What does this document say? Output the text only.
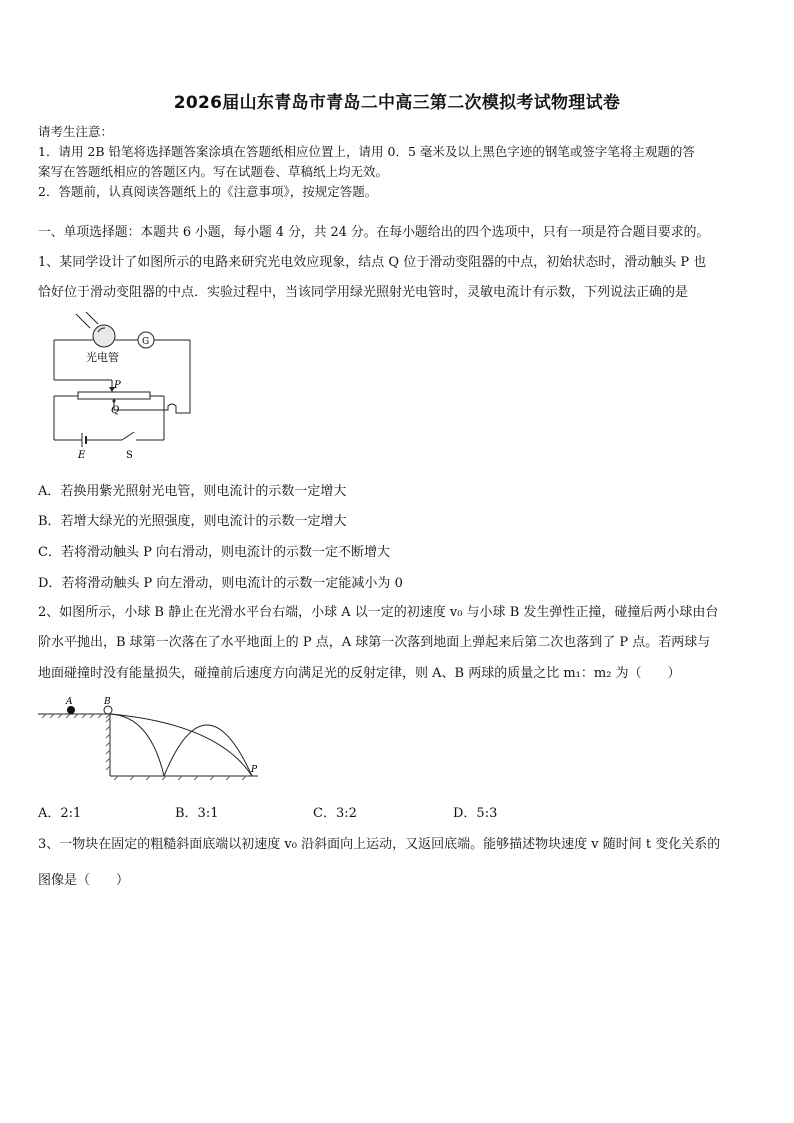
2026届山东青岛市青岛二中高三第二次模拟考试物理试卷
请考生注意：
1．请用 2B 铅笔将选择题答案涂填在答题纸相应位置上，请用 0．5 毫米及以上黑色字迹的钢笔或签字笔将主观题的答
案写在答题纸相应的答题区内。写在试题卷、草稿纸上均无效。
2．答题前，认真阅读答题纸上的《注意事项》，按规定答题。
一、单项选择题：本题共 6 小题，每小题 4 分，共 24 分。在每小题给出的四个选项中，只有一项是符合题目要求的。
1、某同学设计了如图所示的电路来研究光电效应现象，结点 Q 位于滑动变阻器的中点，初始状态时，滑动触头 P 也
恰好位于滑动变阻器的中点．实验过程中，当该同学用绿光照射光电管时，灵敏电流计有示数，下列说法正确的是
光电管
G
P
Q
E	S
A．若换用紫光照射光电管，则电流计的示数一定增大
B．若增大绿光的光照强度，则电流计的示数一定增大
C．若将滑动触头 P 向右滑动，则电流计的示数一定不断增大
D．若将滑动触头 P 向左滑动，则电流计的示数一定能减小为 0
2、如图所示，小球 B 静止在光滑水平台右端，小球 A 以一定的初速度 v₀ 与小球 B 发生弹性正撞，碰撞后两小球由台
阶水平抛出，B 球第一次落在了水平地面上的 P 点，A 球第一次落到地面上弹起来后第二次也落到了 P 点。若两球与
地面碰撞时没有能量损失，碰撞前后速度方向满足光的反射定律，则 A、B 两球的质量之比 m₁：m₂ 为（　　）
A	B
P
A．2:1	B．3:1	C．3:2	D．5:3
3、一物块在固定的粗糙斜面底端以初速度 v₀ 沿斜面向上运动，又返回底端。能够描述物块速度 v 随时间 t 变化关系的
图像是（　　）
